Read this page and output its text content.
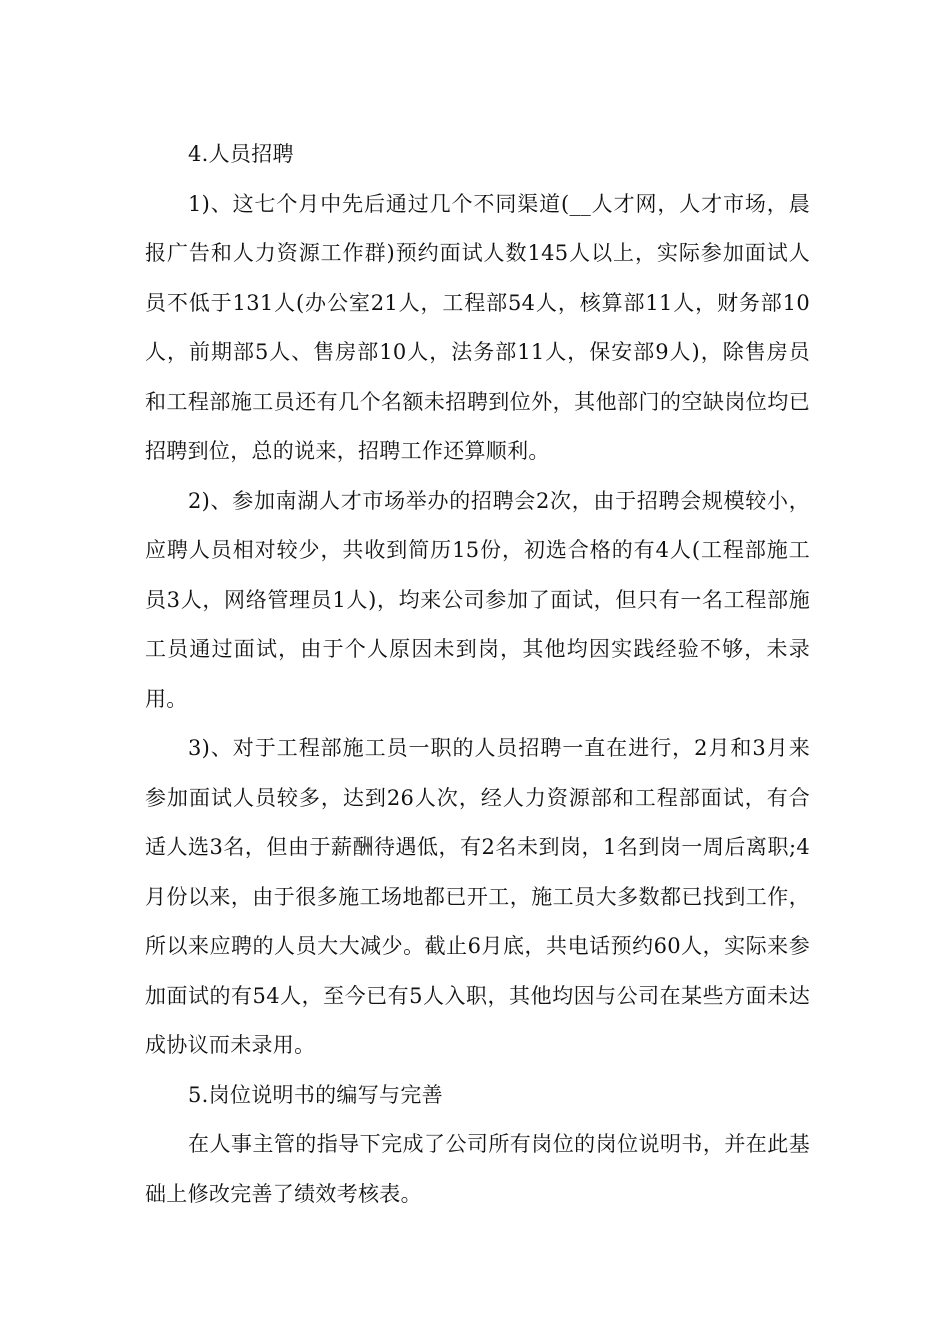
4.人员招聘

1)、这七个月中先后通过几个不同渠道(__人才网，人才市场，晨报广告和人力资源工作群)预约面试人数145人以上，实际参加面试人员不低于131人(办公室21人，工程部54人，核算部11人，财务部10人，前期部5人、售房部10人，法务部11人，保安部9人)，除售房员和工程部施工员还有几个名额未招聘到位外，其他部门的空缺岗位均已招聘到位，总的说来，招聘工作还算顺利。

2)、参加南湖人才市场举办的招聘会2次，由于招聘会规模较小，应聘人员相对较少，共收到简历15份，初选合格的有4人(工程部施工员3人，网络管理员1人)，均来公司参加了面试，但只有一名工程部施工员通过面试，由于个人原因未到岗，其他均因实践经验不够，未录用。

3)、对于工程部施工员一职的人员招聘一直在进行，2月和3月来参加面试人员较多，达到26人次，经人力资源部和工程部面试，有合适人选3名，但由于薪酬待遇低，有2名未到岗，1名到岗一周后离职;4月份以来，由于很多施工场地都已开工，施工员大多数都已找到工作，所以来应聘的人员大大减少。截止6月底，共电话预约60人，实际来参加面试的有54人，至今已有5人入职，其他均因与公司在某些方面未达成协议而未录用。

5.岗位说明书的编写与完善

在人事主管的指导下完成了公司所有岗位的岗位说明书，并在此基础上修改完善了绩效考核表。
